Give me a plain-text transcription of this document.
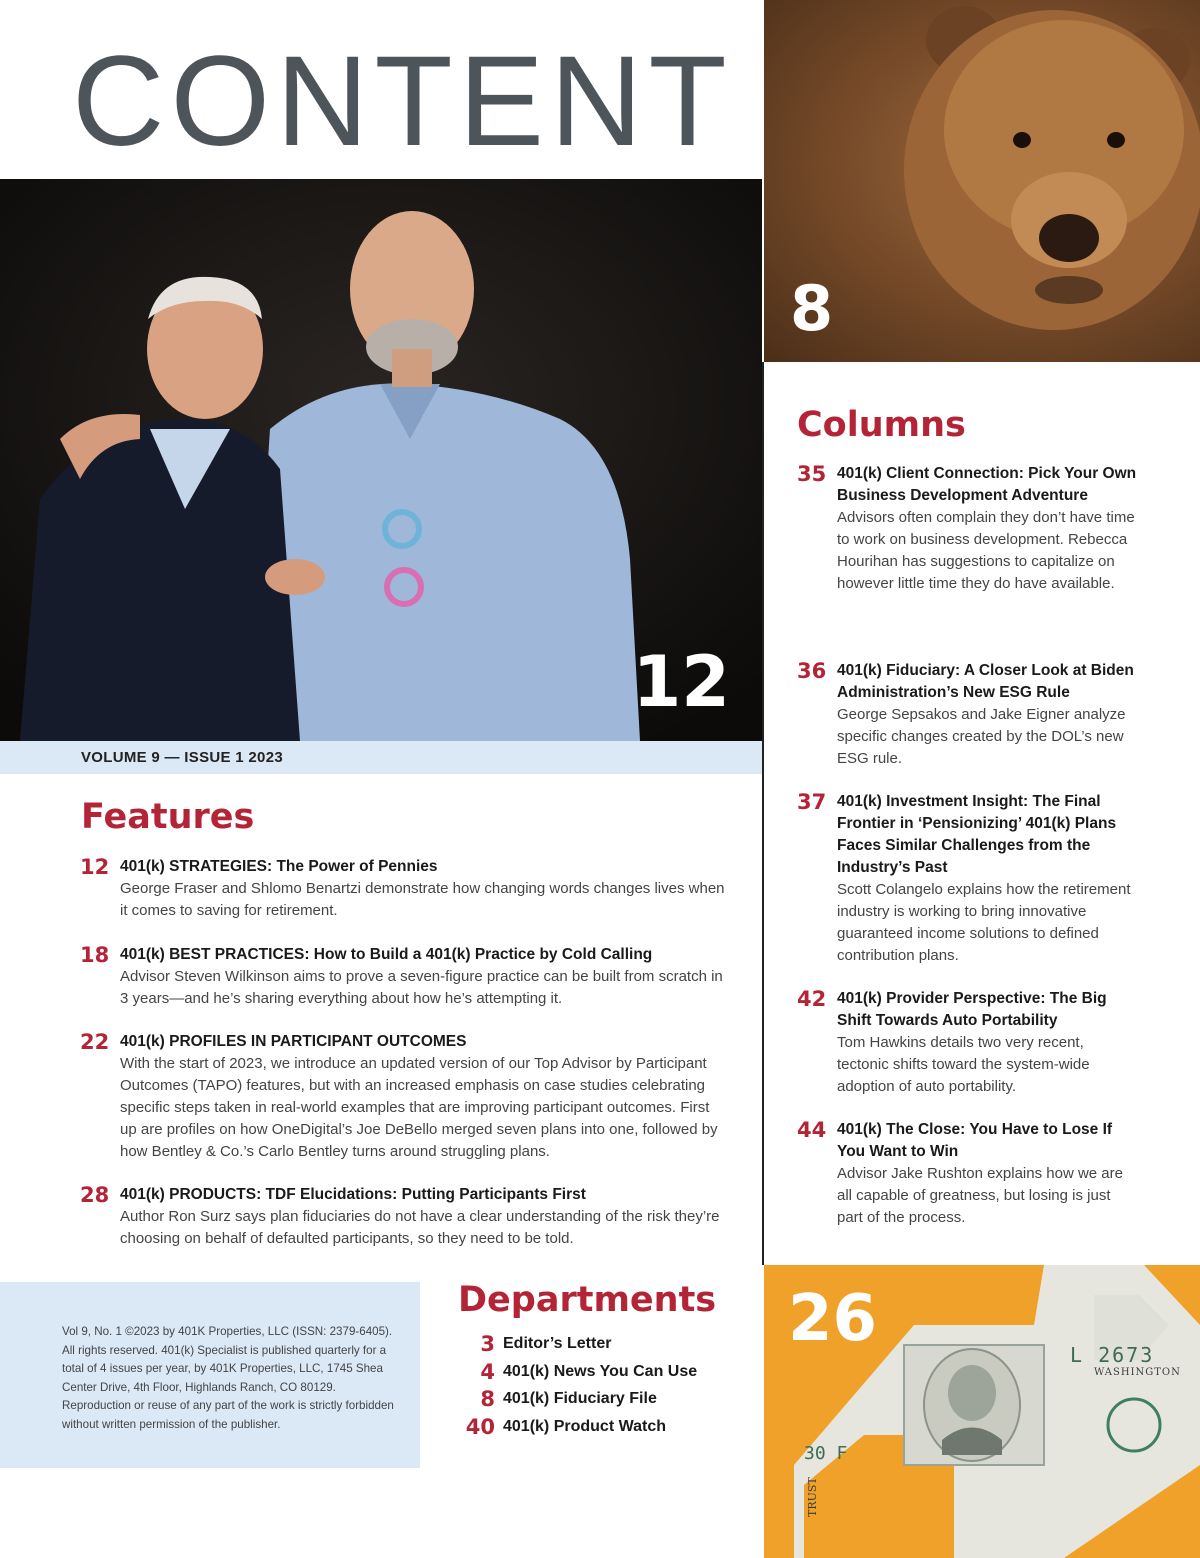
CONTENT
12
8
VOLUME 9 — ISSUE 1 2023
Features
12 401(k) STRATEGIES: The Power of Pennies
George Fraser and Shlomo Benartzi demonstrate how changing words changes lives when it comes to saving for retirement.
18 401(k) BEST PRACTICES: How to Build a 401(k) Practice by Cold Calling
Advisor Steven Wilkinson aims to prove a seven-figure practice can be built from scratch in 3 years—and he’s sharing everything about how he’s attempting it.
22 401(k) PROFILES IN PARTICIPANT OUTCOMES
With the start of 2023, we introduce an updated version of our Top Advisor by Participant Outcomes (TAPO) features, but with an increased emphasis on case studies celebrating specific steps taken in real-world examples that are improving participant outcomes. First up are profiles on how OneDigital’s Joe DeBello merged seven plans into one, followed by how Bentley & Co.’s Carlo Bentley turns around struggling plans.
28 401(k) PRODUCTS: TDF Elucidations: Putting Participants First
Author Ron Surz says plan fiduciaries do not have a clear understanding of the risk they’re choosing on behalf of defaulted participants, so they need to be told.
Columns
35 401(k) Client Connection: Pick Your Own Business Development Adventure
Advisors often complain they don’t have time to work on business development. Rebecca Hourihan has suggestions to capitalize on however little time they do have available.
36 401(k) Fiduciary: A Closer Look at Biden Administration’s New ESG Rule
George Sepsakos and Jake Eigner analyze specific changes created by the DOL’s new ESG rule.
37 401(k) Investment Insight: The Final Frontier in ‘Pensionizing’ 401(k) Plans Faces Similar Challenges from the Industry’s Past
Scott Colangelo explains how the retirement industry is working to bring innovative guaranteed income solutions to defined contribution plans.
42 401(k) Provider Perspective: The Big Shift Towards Auto Portability
Tom Hawkins details two very recent, tectonic shifts toward the system-wide adoption of auto portability.
44 401(k) The Close: You Have to Lose If You Want to Win
Advisor Jake Rushton explains how we are all capable of greatness, but losing is just part of the process.
Vol 9, No. 1 ©2023 by 401K Properties, LLC (ISSN: 2379-6405). All rights reserved. 401(k) Specialist is published quarterly for a total of 4 issues per year, by 401K Properties, LLC, 1745 Shea Center Drive, 4th Floor, Highlands Ranch, CO 80129. Reproduction or reuse of any part of the work is strictly forbidden without written permission of the publisher.
Departments
3 Editor’s Letter
4 401(k) News You Can Use
8 401(k) Fiduciary File
40 401(k) Product Watch
L 2673
WASHINGTON
30 F
TRUST
26
